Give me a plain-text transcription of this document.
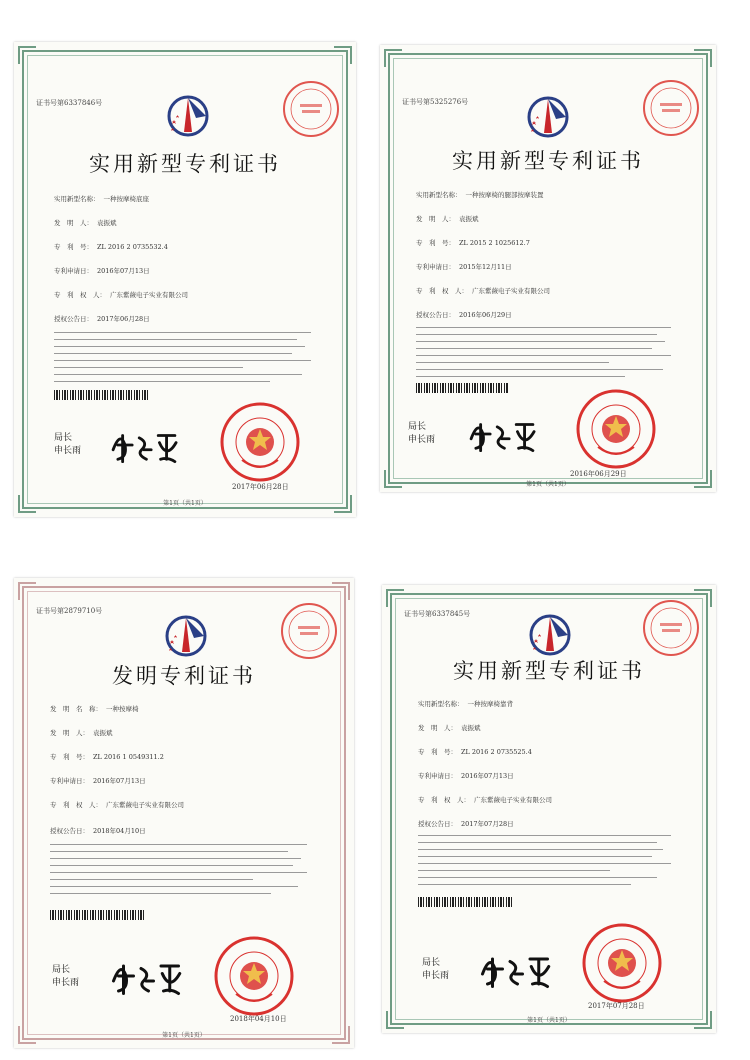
证书号第6337846号
实用新型专利证书
实用新型名称： 一种按摩椅底座
发　明　人： 袁振斌
专　利　号： ZL 2016 2 0735532.4
专利申请日： 2016年07月13日
专　利　权　人： 广东紫薇电子实业有限公司
授权公告日： 2017年06月28日
局长
申长雨
2017年06月28日
第1页（共1页）
证书号第5325276号
实用新型专利证书
实用新型名称： 一种按摩椅的腿部按摩装置
发　明　人： 袁振斌
专　利　号： ZL 2015 2 1025612.7
专利申请日： 2015年12月11日
专　利　权　人： 广东紫薇电子实业有限公司
授权公告日： 2016年06月29日
局长
申长雨
2016年06月29日
第1页（共1页）
证书号第2879710号
发明专利证书
发　明　名　称： 一种按摩椅
发　明　人： 袁振斌
专　利　号： ZL 2016 1 0549311.2
专利申请日： 2016年07月13日
专　利　权　人： 广东紫薇电子实业有限公司
授权公告日： 2018年04月10日
局长
申长雨
2018年04月10日
第1页（共1页）
证书号第6337845号
实用新型专利证书
实用新型名称： 一种按摩椅靠背
发　明　人： 袁振斌
专　利　号： ZL 2016 2 0735525.4
专利申请日： 2016年07月13日
专　利　权　人： 广东紫薇电子实业有限公司
授权公告日： 2017年07月28日
局长
申长雨
2017年07月28日
第1页（共1页）
